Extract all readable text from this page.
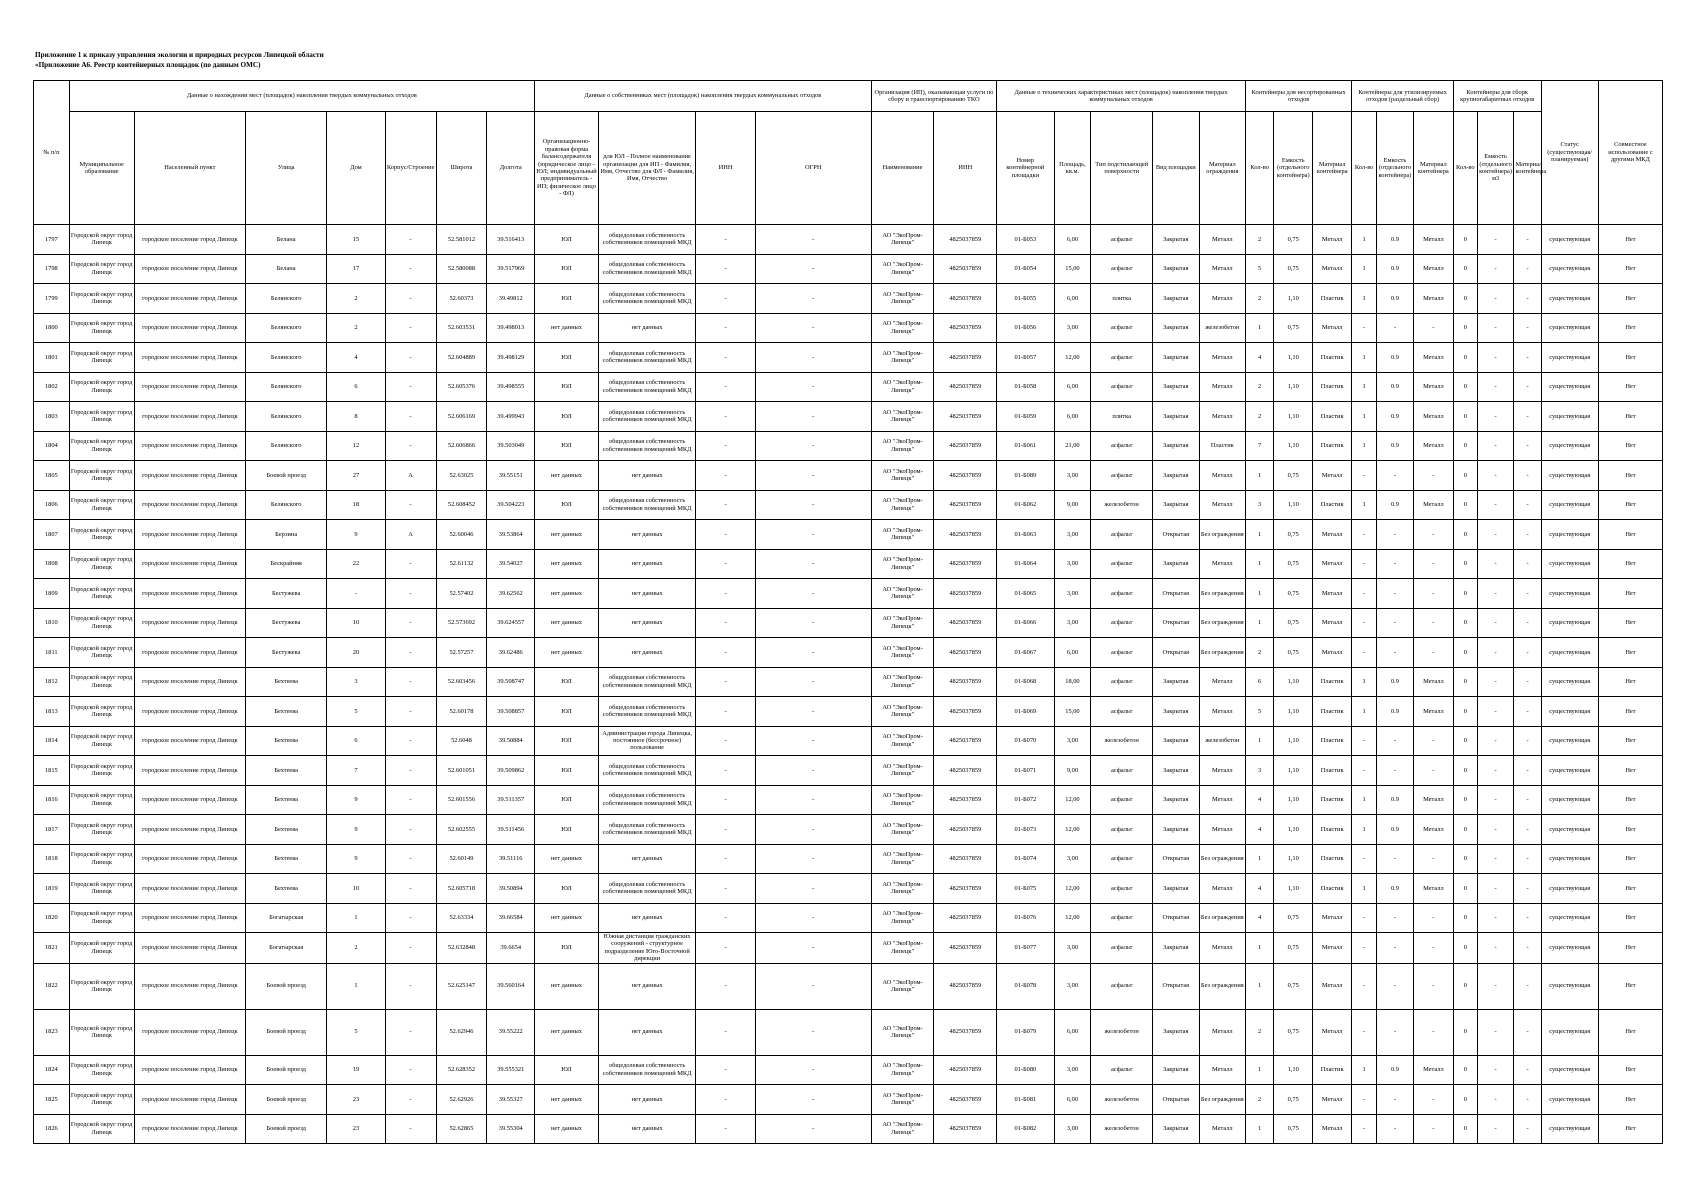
Приложение 1 к приказу управления экологии и природных ресурсов Липецкой области
«Приложение А6. Реестр контейнерных площадок (по данным ОМС)
№ п/п	Данные о нахождении мест (площадок) накопления твердых коммунальных отходов							Данные о собственниках мест (площадок) накопления твердых коммунальных отходов				Организация (ИП), оказывающая услуги по сбору и транспортированию ТКО		Данные о технических характеристиках мест (площадок) накопления твердых коммунальных отходов					Контейнеры для несортированных отходов			Контейнеры для утилизируемых отходов (раздельный сбор)			Контейнеры для сборк крупногабаритных отходов			Статус (существующая/ планируемая)	Совместное использование с другими МКД
	Муниципальное образование	Населенный пункт	Улица	Дом	Корпус/Строение	Широта	Долгота	Организационно-правовая форма балансодержателя (юридическое лицо - ЮЛ; индивидуальный предприниматель - ИП; физическое лицо - ФЛ)	для ЮЛ - Полное наименование организации для ИП - Фамилия, Имя, Отчество для ФЛ - Фамилия, Имя, Отчество	ИНН	ОГРН	Наименование	ИНН	Номер контейнерной площадки	Площадь, кв.м.	Тип подстилающей поверхности	Вид площадки	Материал ограждения	Кол-во	Емкость (отдельного контейнера)	Материал контейнера	Кол-во	Емкость (отдельного контейнера)	Материал контейнера	Кол-во	Емкость (отдельного контейнера) м3	Материал контейнера		
1797	Городской округ город Липецк	городское поселение город Липецк	Белана	15	-	52.581012	39.516413	ЮЛ	общедолевая собственность собственников помещений МКД	-	-	АО "ЭкоПром-Липецк"	4825037859	01-Б053	6,00	асфальт	Закрытая	Металл	2	0,75	Металл	1	0.9	Металл	0	-	-	существующая	Нет
1798	Городской округ город Липецк	городское поселение город Липецк	Белана	17	-	52.580088	39.517969	ЮЛ	общедолевая собственность собственников помещений МКД	-	-	АО "ЭкоПром-Липецк"	4825037859	01-Б054	15,00	асфальт	Закрытая	Металл	5	0,75	Металл	1	0.9	Металл	0	-	-	существующая	Нет
1799	Городской округ город Липецк	городское поселение город Липецк	Белянского	2	-	52.60373	39.49812	ЮЛ	общедолевая собственность собственников помещений МКД	-	-	АО "ЭкоПром-Липецк"	4825037859	01-Б055	6,00	плитка	Закрытая	Металл	2	1,10	Пластик	1	0.9	Металл	0	-	-	существующая	Нет
1800	Городской округ город Липецк	городское поселение город Липецк	Белянского	2	-	52.603531	39.498013	нет данных	нет данных	-	-	АО "ЭкоПром-Липецк"	4825037859	01-Б056	3,00	асфальт	Закрытая	железобетон	1	0,75	Металл	-	-	-	0	-	-	существующая	Нет
1801	Городской округ город Липецк	городское поселение город Липецк	Белянского	4	-	52.604889	39.498129	ЮЛ	общедолевая собственность собственников помещений МКД	-	-	АО "ЭкоПром-Липецк"	4825037859	01-Б057	12,00	асфальт	Закрытая	Металл	4	1,10	Пластик	1	0.9	Металл	0	-	-	существующая	Нет
1802	Городской округ город Липецк	городское поселение город Липецк	Белянского	6	-	52.605376	39.498555	ЮЛ	общедолевая собственность собственников помещений МКД	-	-	АО "ЭкоПром-Липецк"	4825037859	01-Б058	6,00	асфальт	Закрытая	Металл	2	1,10	Пластик	1	0.9	Металл	0	-	-	существующая	Нет
1803	Городской округ город Липецк	городское поселение город Липецк	Белянского	8	-	52.606169	39.499943	ЮЛ	общедолевая собственность собственников помещений МКД	-	-	АО "ЭкоПром-Липецк"	4825037859	01-Б059	6,00	плитка	Закрытая	Металл	2	1,10	Пластик	1	0.9	Металл	0	-	-	существующая	Нет
1804	Городской округ город Липецк	городское поселение город Липецк	Белянского	12	-	52.606866	39.503049	ЮЛ	общедолевая собственность собственников помещений МКД	-	-	АО "ЭкоПром-Липецк"	4825037859	01-Б061	21,00	асфальт	Закрытая	Пластик	7	1,10	Пластик	1	0.9	Металл	0	-	-	существующая	Нет
1805	Городской округ город Липецк	городское поселение город Липецк	Боевой проезд	27	А	52.63025	39.55151	нет данных	нет данных	-	-	АО "ЭкоПром-Липецк"	4825037859	01-Б089	3,00	асфальт	Закрытая	Металл	1	0,75	Металл	-	-	-	0	-	-	существующая	Нет
1806	Городской округ город Липецк	городское поселение город Липецк	Белянского	18	-	52.608452	39.504223	ЮЛ	общедолевая собственность собственников помещений МКД	-	-	АО "ЭкоПром-Липецк"	4825037859	01-Б062	9,00	железобетон	Закрытая	Металл	3	1,10	Пластик	1	0.9	Металл	0	-	-	существующая	Нет
1807	Городской округ город Липецк	городское поселение город Липецк	Берзина	9	А	52.60046	39.53864	нет данных	нет данных	-	-	АО "ЭкоПром-Липецк"	4825037859	01-Б063	3,00	асфальт	Открытая	Без ограждения	1	0,75	Металл	-	-	-	0	-	-	существующая	Нет
1808	Городской округ город Липецк	городское поселение город Липецк	Бескрайняя	22	-	52.61132	39.54027	нет данных	нет данных	-	-	АО "ЭкоПром-Липецк"	4825037859	01-Б064	3,00	асфальт	Закрытая	Металл	1	0,75	Металл	-	-	-	0	-	-	существующая	Нет
1809	Городской округ город Липецк	городское поселение город Липецк	Бестужева	-	-	52.57402	39.62562	нет данных	нет данных	-	-	АО "ЭкоПром-Липецк"	4825037859	01-Б065	3,00	асфальт	Открытая	Без ограждения	1	0,75	Металл	-	-	-	0	-	-	существующая	Нет
1810	Городской округ город Липецк	городское поселение город Липецк	Бестужева	10	-	52.573692	39.624557	нет данных	нет данных	-	-	АО "ЭкоПром-Липецк"	4825037859	01-Б066	3,00	асфальт	Открытая	Без ограждения	1	0,75	Металл	-	-	-	0	-	-	существующая	Нет
1811	Городской округ город Липецк	городское поселение город Липецк	Бестужева	20	-	52.57257	39.62486	нет данных	нет данных	-	-	АО "ЭкоПром-Липецк"	4825037859	01-Б067	6,00	асфальт	Открытая	Без ограждения	2	0,75	Металл	-	-	-	0	-	-	существующая	Нет
1812	Городской округ город Липецк	городское поселение город Липецк	Бехтеева	3	-	52.603456	39.508747	ЮЛ	общедолевая собственность собственников помещений МКД	-	-	АО "ЭкоПром-Липецк"	4825037859	01-Б068	18,00	асфальт	Закрытая	Металл	6	1,10	Пластик	1	0.9	Металл	0	-	-	существующая	Нет
1813	Городской округ город Липецк	городское поселение город Липецк	Бехтеева	5	-	52.60178	39.508857	ЮЛ	общедолевая собственность собственников помещений МКД	-	-	АО "ЭкоПром-Липецк"	4825037859	01-Б069	15,00	асфальт	Закрытая	Металл	5	1,10	Пластик	1	0.9	Металл	0	-	-	существующая	Нет
1814	Городской округ город Липецк	городское поселение город Липецк	Бехтеева	6	-	52.6048	39.50884	ЮЛ	Администрация города Липецка, постоянное (бессрочное) пользование	-	-	АО "ЭкоПром-Липецк"	4825037859	01-Б070	3,00	железобетон	Закрытая	железобетон	1	1,10	Пластик	-	-	-	0	-	-	существующая	Нет
1815	Городской округ город Липецк	городское поселение город Липецк	Бехтеева	7	-	52.601051	39.509862	ЮЛ	общедолевая собственность собственников помещений МКД	-	-	АО "ЭкоПром-Липецк"	4825037859	01-Б071	9,00	асфальт	Закрытая	Металл	3	1,10	Пластик	-	-	-	0	-	-	существующая	Нет
1816	Городской округ город Липецк	городское поселение город Липецк	Бехтеева	9	-	52.601556	39.511357	ЮЛ	общедолевая собственность собственников помещений МКД	-	-	АО "ЭкоПром-Липецк"	4825037859	01-Б072	12,00	асфальт	Закрытая	Металл	4	1,10	Пластик	1	0.9	Металл	0	-	-	существующая	Нет
1817	Городской округ город Липецк	городское поселение город Липецк	Бехтеева	9	-	52.602555	39.511456	ЮЛ	общедолевая собственность собственников помещений МКД	-	-	АО "ЭкоПром-Липецк"	4825037859	01-Б073	12,00	асфальт	Закрытая	Металл	4	1,10	Пластик	1	0.9	Металл	0	-	-	существующая	Нет
1818	Городской округ город Липецк	городское поселение город Липецк	Бехтеева	9	-	52.60149	39.51116	нет данных	нет данных	-	-	АО "ЭкоПром-Липецк"	4825037859	01-Б074	3,00	асфальт	Открытая	Без ограждения	1	1,10	Пластик	-	-	-	0	-	-	существующая	Нет
1819	Городской округ город Липецк	городское поселение город Липецк	Бехтеева	10	-	52.605718	39.50894	ЮЛ	общедолевая собственность собственников помещений МКД	-	-	АО "ЭкоПром-Липецк"	4825037859	01-Б075	12,00	асфальт	Закрытая	Металл	4	1,10	Пластик	1	0.9	Металл	0	-	-	существующая	Нет
1820	Городской округ город Липецк	городское поселение город Липецк	Богатырская	1	-	52.63334	39.66584	нет данных	нет данных	-	-	АО "ЭкоПром-Липецк"	4825037859	01-Б076	12,00	асфальт	Открытая	Без ограждения	4	0,75	Металл	-	-	-	0	-	-	существующая	Нет
1821	Городской округ город Липецк	городское поселение город Липецк	Богатырская	2	-	52.632848	39.6654	ЮЛ	Южная дистанция гражданских сооружений - структурное подразделение Юго-Восточной дирекции	-	-	АО "ЭкоПром-Липецк"	4825037859	01-Б077	3,00	асфальт	Закрытая	Металл	1	0,75	Металл	-	-	-	0	-	-	существующая	Нет
1822	Городской округ город Липецк	городское поселение город Липецк	Боевой проезд	1	-	52.625147	39.560164	нет данных	нет данных	-	-	АО "ЭкоПром-Липецк"	4825037859	01-Б078	3,00	асфальт	Открытая	Без ограждения	1	0,75	Металл	-	-	-	0	-	-	существующая	Нет
1823	Городской округ город Липецк	городское поселение город Липецк	Боевой проезд	5	-	52.62946	39.55222	нет данных	нет данных	-	-	АО "ЭкоПром-Липецк"	4825037859	01-Б079	6,00	железобетон	Закрытая	Металл	2	0,75	Металл	-	-	-	0	-	-	существующая	Нет
1824	Городской округ город Липецк	городское поселение город Липецк	Боевой проезд	19	-	52.628352	39.555321	ЮЛ	общедолевая собственность собственников помещений МКД	-	-	АО "ЭкоПром-Липецк"	4825037859	01-Б080	3,00	асфальт	Закрытая	Металл	1	1,10	Пластик	1	0.9	Металл	0	-	-	существующая	Нет
1825	Городской округ город Липецк	городское поселение город Липецк	Боевой проезд	23	-	52.62926	39.55327	нет данных	нет данных	-	-	АО "ЭкоПром-Липецк"	4825037859	01-Б081	6,00	железобетон	Открытая	Без ограждения	2	0,75	Металл	-	-	-	0	-	-	существующая	Нет
1826	Городской округ город Липецк	городское поселение город Липецк	Боевой проезд	23	-	52.62865	39.55304	нет данных	нет данных	-	-	АО "ЭкоПром-Липецк"	4825037859	01-Б082	3,00	железобетон	Закрытая	Металл	1	0,75	Металл	-	-	-	0	-	-	существующая	Нет
